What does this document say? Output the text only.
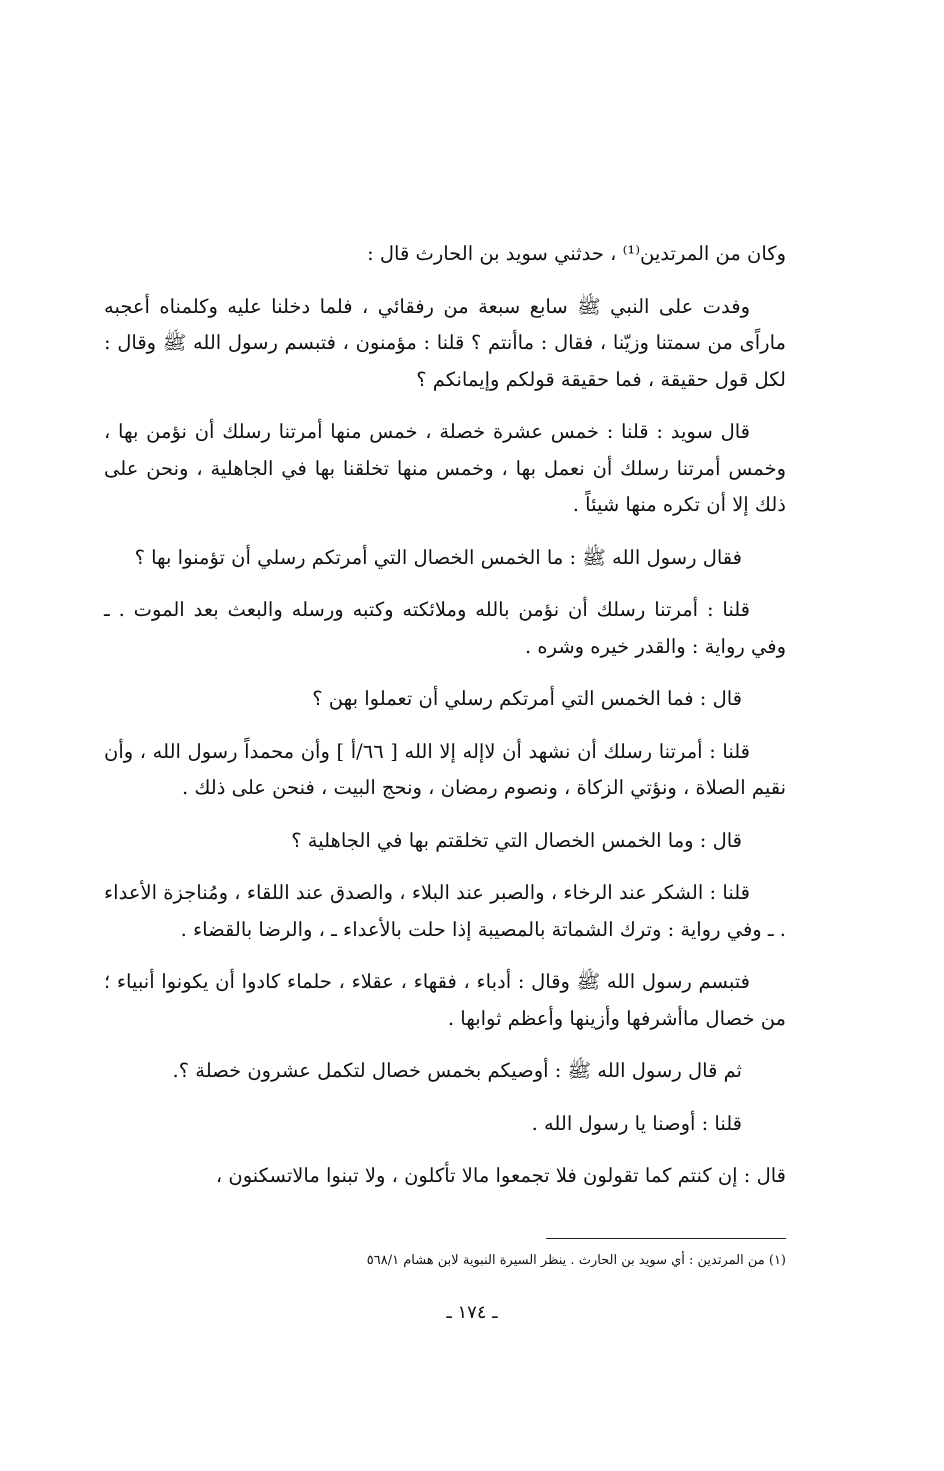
وكان من المرتدين⁽¹⁾ ، حدثني سويد بن الحارث قال :

وفدت على النبي ﷺ سابع سبعة من رفقائي ، فلما دخلنا عليه وكلمناه أعجبه ماراًى من سمتنا وزيّنا ، فقال : ماأنتم ؟ قلنا : مؤمنون ، فتبسم رسول الله ﷺ وقال : لكل قول حقيقة ، فما حقيقة قولكم وإيمانكم ؟

قال سويد : قلنا : خمس عشرة خصلة ، خمس منها أمرتنا رسلك أن نؤمن بها ، وخمس أمرتنا رسلك أن نعمل بها ، وخمس منها تخلقنا بها في الجاهلية ، ونحن على ذلك إلا أن تكره منها شيئاً .

فقال رسول الله ﷺ : ما الخمس الخصال التي أمرتكم رسلي أن تؤمنوا بها ؟

قلنا : أمرتنا رسلك أن نؤمن بالله وملائكته وكتبه ورسله والبعث بعد الموت . ـ وفي رواية : والقدر خيره وشره .

قال : فما الخمس التي أمرتكم رسلي أن تعملوا بهن ؟

قلنا : أمرتنا رسلك أن نشهد أن لاإله إلا الله [ ٦٦/أ ] وأن محمداً رسول الله ، وأن نقيم الصلاة ، ونؤتي الزكاة ، ونصوم رمضان ، ونحج البيت ، فنحن على ذلك .

قال : وما الخمس الخصال التي تخلقتم بها في الجاهلية ؟

قلنا : الشكر عند الرخاء ، والصبر عند البلاء ، والصدق عند اللقاء ، ومُناجزة الأعداء . ـ وفي رواية : وترك الشماتة بالمصيبة إذا حلت بالأعداء ـ ، والرضا بالقضاء .

فتبسم رسول الله ﷺ وقال : أدباء ، فقهاء ، عقلاء ، حلماء كادوا أن يكونوا أنبياء ؛ من خصال ماأشرفها وأزينها وأعظم ثوابها .

ثم قال رسول الله ﷺ : أوصيكم بخمس خصال لتكمل عشرون خصلة ؟.

قلنا : أوصنا يا رسول الله .

قال : إن كنتم كما تقولون فلا تجمعوا مالا تأكلون ، ولا تبنوا مالاتسكنون ،

(١) من المرتدين : أي سويد بن الحارث . ينظر السيرة النبوية لابن هشام ٥٦٨/١
ـ ١٧٤ ـ
